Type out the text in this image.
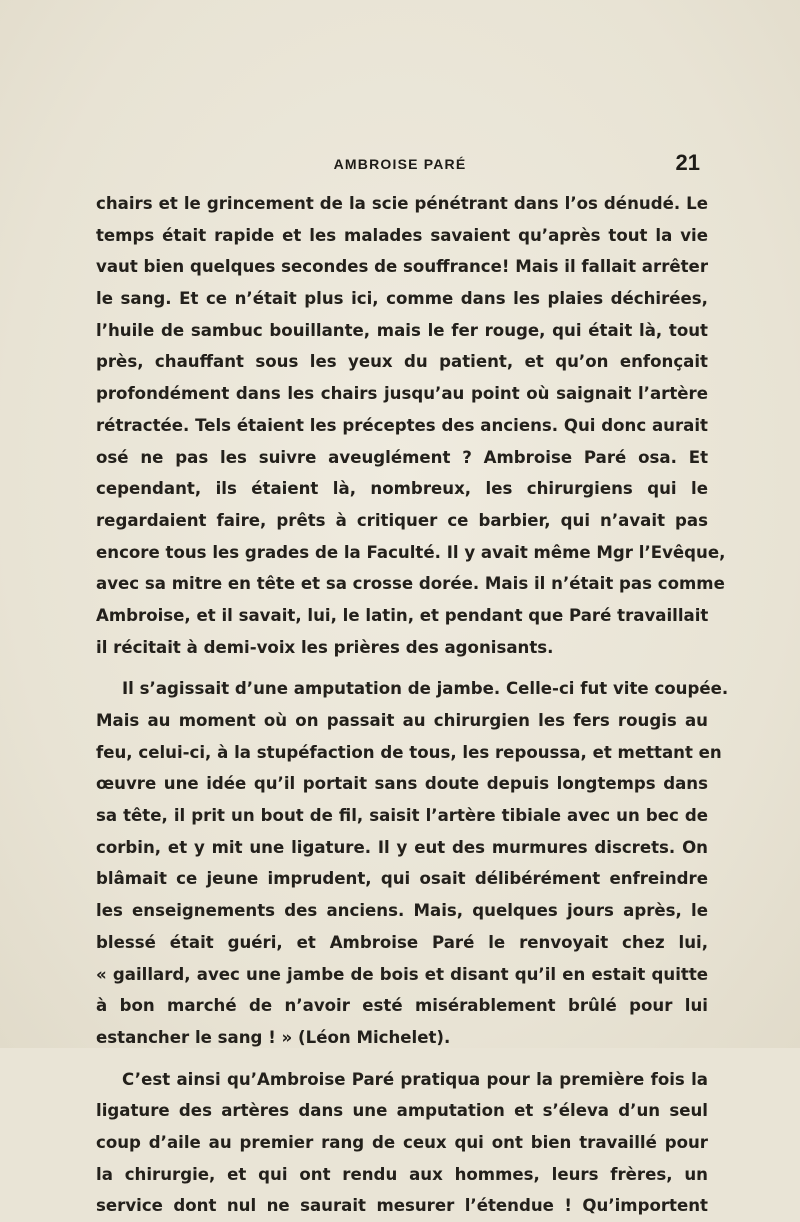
AMBROISE PARÉ	21
chairs et le grincement de la scie pénétrant dans l’os dénudé. Le
temps était rapide et les malades savaient qu’après tout la vie
vaut bien quelques secondes de souffrance! Mais il fallait arrêter
le sang. Et ce n’était plus ici, comme dans les plaies déchirées,
l’huile de sambuc bouillante, mais le fer rouge, qui était là, tout
près, chauffant sous les yeux du patient, et qu’on enfonçait
profondément dans les chairs jusqu’au point où saignait l’artère
rétractée. Tels étaient les préceptes des anciens. Qui donc aurait
osé ne pas les suivre aveuglément ? Ambroise Paré osa. Et
cependant, ils étaient là, nombreux, les chirurgiens qui le
regardaient faire, prêts à critiquer ce barbier, qui n’avait pas
encore tous les grades de la Faculté. Il y avait même Mgr l’Evêque,
avec sa mitre en tête et sa crosse dorée. Mais il n’était pas comme
Ambroise, et il savait, lui, le latin, et pendant que Paré travaillait
il récitait à demi-voix les prières des agonisants.
Il s’agissait d’une amputation de jambe. Celle-ci fut vite coupée.
Mais au moment où on passait au chirurgien les fers rougis au
feu, celui-ci, à la stupéfaction de tous, les repoussa, et mettant en
œuvre une idée qu’il portait sans doute depuis longtemps dans
sa tête, il prit un bout de fil, saisit l’artère tibiale avec un bec de
corbin, et y mit une ligature. Il y eut des murmures discrets. On
blâmait ce jeune imprudent, qui osait délibérément enfreindre
les enseignements des anciens. Mais, quelques jours après, le
blessé était guéri, et Ambroise Paré le renvoyait chez lui,
« gaillard, avec une jambe de bois et disant qu’il en estait quitte
à bon marché de n’avoir esté misérablement brûlé pour lui
estancher le sang ! » (Léon Michelet).
C’est ainsi qu’Ambroise Paré pratiqua pour la première fois la
ligature des artères dans une amputation et s’éleva d’un seul
coup d’aile au premier rang de ceux qui ont bien travaillé pour
la chirurgie, et qui ont rendu aux hommes, leurs frères, un
service dont nul ne saurait mesurer l’étendue ! Qu’importent
